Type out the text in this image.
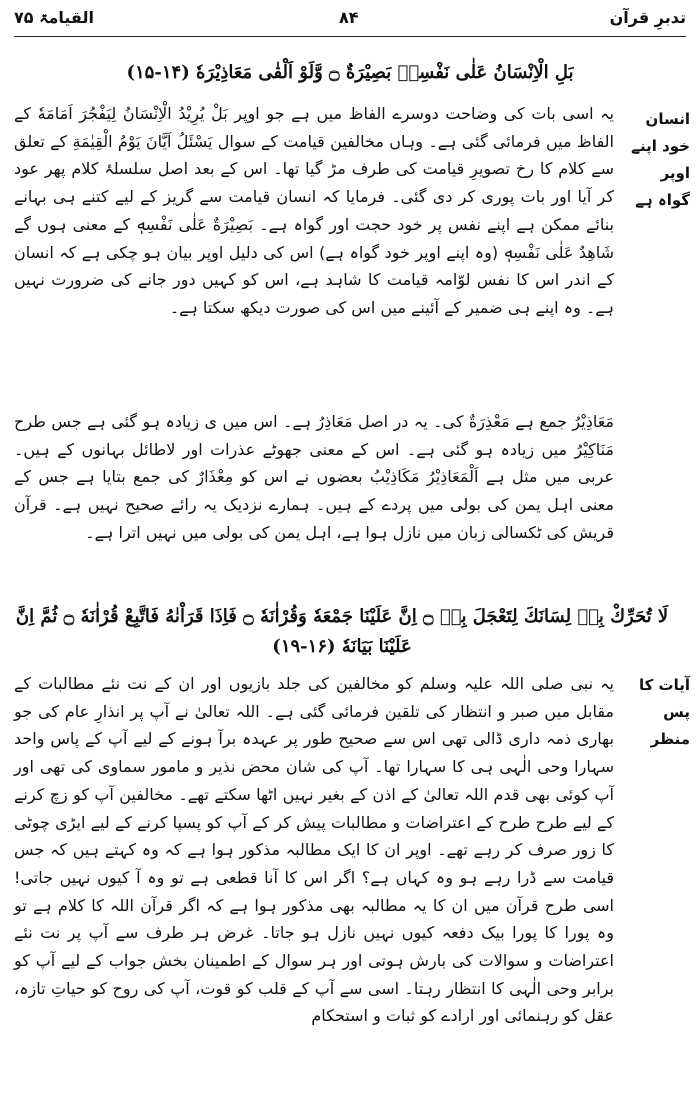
تدبرِ قرآن
۸۴
القیامۃ ۷۵
بَلِ الْاِنْسَانُ عَلٰی نَفْسِهٖ بَصِیْرَةٌ ۝ وَّلَوْ اَلْقٰی مَعَاذِیْرَهٗ (۱۴-۱۵)
انسان خود اپنے اوپر گواہ ہے
یہ اسی بات کی وضاحت دوسرے الفاظ میں ہے جو اوپر بَلْ یُرِیْدُ الْاِنْسَانُ لِیَفْجُرَ اَمَامَهٗ کے الفاظ میں فرمائی گئی ہے۔ وہاں مخالفین قیامت کے سوال یَسْئَلُ اَیَّانَ یَوْمُ الْقِیٰمَةِ کے تعلق سے کلام کا رخ تصویرِ قیامت کی طرف مڑ گیا تھا۔ اس کے بعد اصل سلسلۂ کلام پھر عود کر آیا اور بات پوری کر دی گئی۔ فرمایا کہ انسان قیامت سے گریز کے لیے کتنے ہی بہانے بنائے ممکن ہے اپنے نفس پر خود حجت اور گواہ ہے۔ بَصِیْرَةٌ عَلٰی نَفْسِهٖ کے معنی ہوں گے شَاهِدٌ عَلٰی نَفْسِهٖ (وہ اپنے اوپر خود گواہ ہے) اس کی دلیل اوپر بیان ہو چکی ہے کہ انسان کے اندر اس کا نفس لوّامہ قیامت کا شاہد ہے، اس کو کہیں دور جانے کی ضرورت نہیں ہے۔ وہ اپنے ہی ضمیر کے آئینے میں اس کی صورت دیکھ سکتا ہے۔
مَعَاذِیْرُ جمع ہے مَعْذِرَةٌ کی۔ یہ در اصل مَعَاذِرُ ہے۔ اس میں ی زیادہ ہو گئی ہے جس طرح مَنَاکِیْرُ میں زیادہ ہو گئی ہے۔ اس کے معنی جھوٹے عذرات اور لاطائل بہانوں کے ہیں۔ عربی میں مثل ہے اَلْمَعَاذِیْرُ مَکَاذِیْبُ بعضوں نے اس کو مِعْذَارٌ کی جمع بتایا ہے جس کے معنی اہل یمن کی بولی میں پردے کے ہیں۔ ہمارے نزدیک یہ رائے صحیح نہیں ہے۔ قرآن قریش کی ٹکسالی زبان میں نازل ہوا ہے، اہل یمن کی بولی میں نہیں اترا ہے۔
لَا تُحَرِّكْ بِهٖ لِسَانَكَ لِتَعْجَلَ بِهٖ ۝ اِنَّ عَلَیْنَا جَمْعَهٗ وَقُرْاٰنَهٗ ۝ فَاِذَا قَرَاْنٰهُ فَاتَّبِعْ قُرْاٰنَهٗ ۝ ثُمَّ اِنَّ عَلَیْنَا بَیَانَهٗ (۱۶-۱۹)
آیات کا پس منظر
یہ نبی صلی اللہ علیہ وسلم کو مخالفین کی جلد بازیوں اور ان کے نت نئے مطالبات کے مقابل میں صبر و انتظار کی تلقین فرمائی گئی ہے۔ اللہ تعالیٰ نے آپ پر انذارِ عام کی جو بھاری ذمہ داری ڈالی تھی اس سے صحیح طور پر عہدہ برآ ہونے کے لیے آپ کے پاس واحد سہارا وحی الٰہی ہی کا سہارا تھا۔ آپ کی شان محض نذیر و مامور سماوی کی تھی اور آپ کوئی بھی قدم اللہ تعالیٰ کے اذن کے بغیر نہیں اٹھا سکتے تھے۔ مخالفین آپ کو زچ کرنے کے لیے طرح طرح کے اعتراضات و مطالبات پیش کر کے آپ کو پسپا کرنے کے لیے ایڑی چوٹی کا زور صرف کر رہے تھے۔ اوپر ان کا ایک مطالبہ مذکور ہوا ہے کہ وہ کہتے ہیں کہ جس قیامت سے ڈرا رہے ہو وہ کہاں ہے؟ اگر اس کا آنا قطعی ہے تو وہ آ کیوں نہیں جاتی! اسی طرح قرآن میں ان کا یہ مطالبہ بھی مذکور ہوا ہے کہ اگر قرآن اللہ کا کلام ہے تو وہ پورا کا پورا بیک دفعہ کیوں نہیں نازل ہو جاتا۔ غرض ہر طرف سے آپ پر نت نئے اعتراضات و سوالات کی بارش ہوتی اور ہر سوال کے اطمینان بخش جواب کے لیے آپ کو برابر وحی الٰہی کا انتظار رہتا۔ اسی سے آپ کے قلب کو قوت، آپ کی روح کو حیاتِ تازہ، عقل کو رہنمائی اور ارادے کو ثبات و استحکام
